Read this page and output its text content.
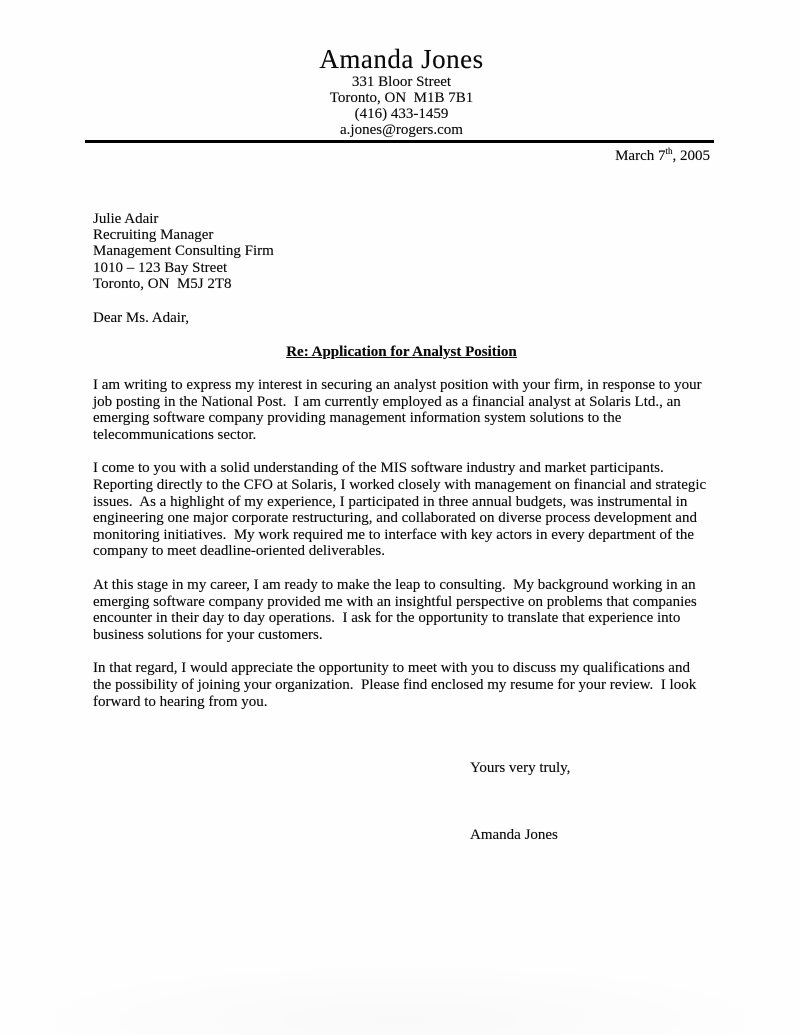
Amanda Jones
331 Bloor Street
Toronto, ON  M1B 7B1
(416) 433-1459
a.jones@rogers.com
March 7th, 2005
Julie Adair
Recruiting Manager
Management Consulting Firm
1010 – 123 Bay Street
Toronto, ON  M5J 2T8

Dear Ms. Adair,

Re: Application for Analyst Position

I am writing to express my interest in securing an analyst position with your firm, in response to your job posting in the National Post.  I am currently employed as a financial analyst at Solaris Ltd., an emerging software company providing management information system solutions to the telecommunications sector.

I come to you with a solid understanding of the MIS software industry and market participants.  Reporting directly to the CFO at Solaris, I worked closely with management on financial and strategic issues.  As a highlight of my experience, I participated in three annual budgets, was instrumental in engineering one major corporate restructuring, and collaborated on diverse process development and monitoring initiatives.  My work required me to interface with key actors in every department of the company to meet deadline-oriented deliverables.

At this stage in my career, I am ready to make the leap to consulting.  My background working in an emerging software company provided me with an insightful perspective on problems that companies encounter in their day to day operations.  I ask for the opportunity to translate that experience into business solutions for your customers.

In that regard, I would appreciate the opportunity to meet with you to discuss my qualifications and the possibility of joining your organization.  Please find enclosed my resume for your review.  I look forward to hearing from you.

Yours very truly,

Amanda Jones
